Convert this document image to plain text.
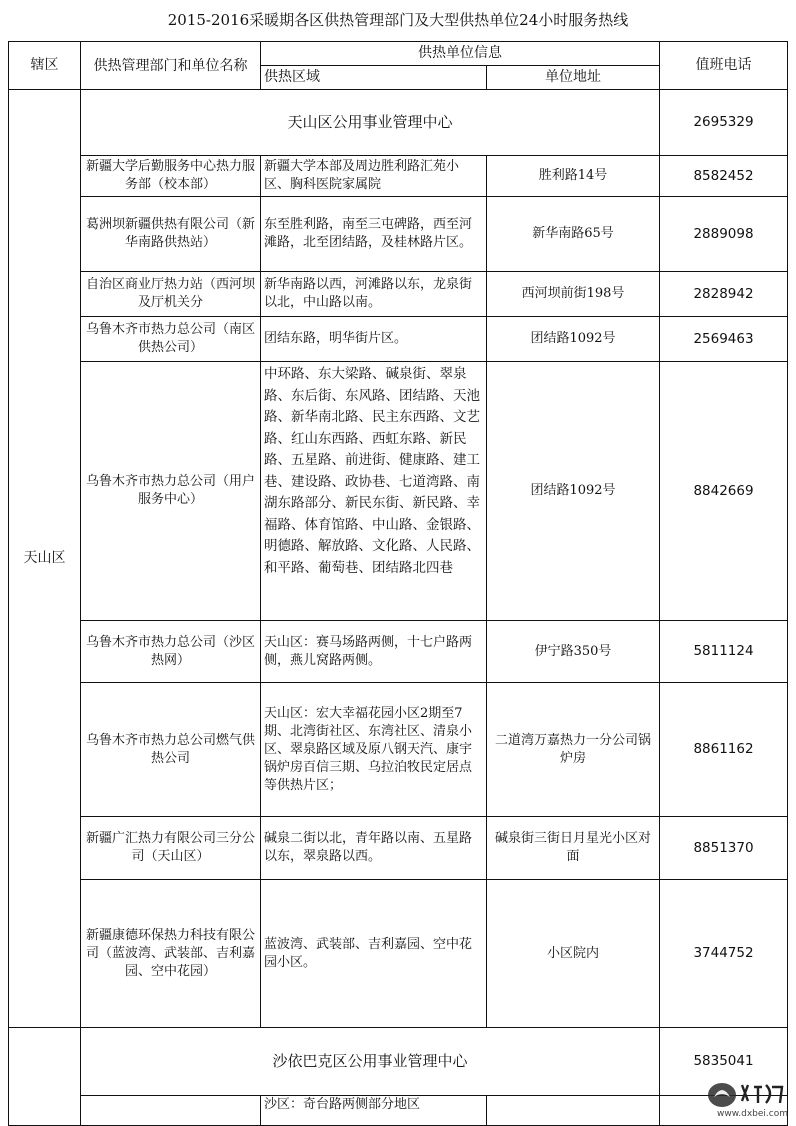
2015-2016采暖期各区供热管理部门及大型供热单位24小时服务热线
辖区	供热管理部门和单位名称	供热单位信息		值班电话
		供热区域	单位地址	
天山区	天山区公用事业管理中心			2695329
	新疆大学后勤服务中心热力服务部（校本部）	新疆大学本部及周边胜利路汇苑小区、胸科医院家属院	胜利路14号	8582452
	葛洲坝新疆供热有限公司（新华南路供热站）	东至胜利路，南至三屯碑路，西至河滩路，北至团结路，及桂林路片区。	新华南路65号	2889098
	自治区商业厅热力站（西河坝及厅机关分	新华南路以西，河滩路以东，龙泉街以北，中山路以南。	西河坝前街198号	2828942
	乌鲁木齐市热力总公司（南区供热公司）	团结东路，明华街片区。	团结路1092号	2569463
	乌鲁木齐市热力总公司（用户服务中心）	中环路、东大梁路、碱泉街、翠泉路、东后街、东风路、团结路、天池路、新华南北路、民主东西路、文艺路、红山东西路、西虹东路、新民路、五星路、前进街、健康路、建工巷、建设路、政协巷、七道湾路、南湖东路部分、新民东街、新民路、幸福路、体育馆路、中山路、金银路、明德路、解放路、文化路、人民路、和平路、葡萄巷、团结路北四巷	团结路1092号	8842669
	乌鲁木齐市热力总公司（沙区热网）	天山区：赛马场路两侧，十七户路两侧，燕儿窝路两侧。	伊宁路350号	5811124
	乌鲁木齐市热力总公司燃气供热公司	天山区：宏大幸福花园小区2期至7期、北湾街社区、东湾社区、清泉小区、翠泉路区域及原八钢天汽、康宇锅炉房百信三期、乌拉泊牧民定居点等供热片区；	二道湾万嘉热力一分公司锅炉房	8861162
	新疆广汇热力有限公司三分公司（天山区）	碱泉二街以北，青年路以南、五星路以东，翠泉路以西。	碱泉街三街日月星光小区对面	8851370
	新疆康德环保热力科技有限公司（蓝波湾、武装部、吉利嘉园、空中花园）	蓝波湾、武装部、吉利嘉园、空中花园小区。	小区院内	3744752
	沙依巴克区公用事业管理中心			5835041
		沙区：奇台路两侧部分地区		
www.dxbei.com
